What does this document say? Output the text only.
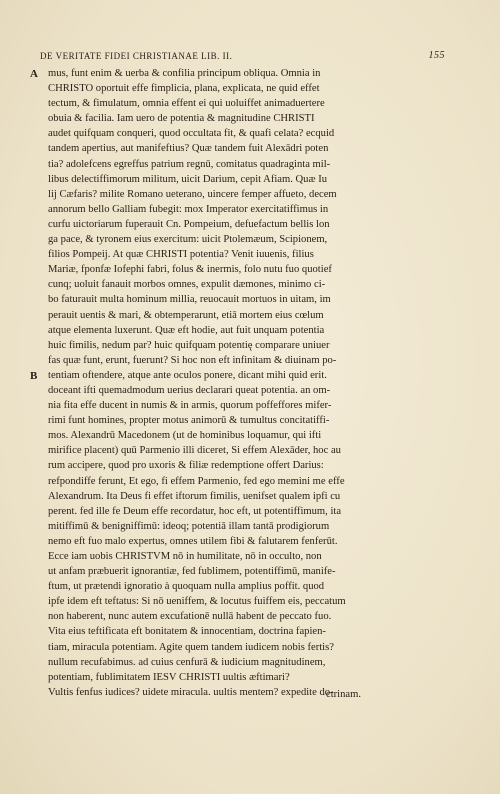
DE VERITATE FIDEI CHRISTIANAE LIB. II.	155
A
B
mus, funt enim & uerba & confilia principum obliqua. Omnia in
CHRISTO oportuit effe fimplicia, plana, explicata, ne quid effet
tectum, & fimulatum, omnia effent ei qui uoluiffet animaduertere
obuia & facilia. Iam uero de potentia & magnitudine CHRISTI
audet quifquam conqueri, quod occultata fit, & quafi celata? ecquid
tandem apertius, aut manifeftius? Quæ tandem fuit Alexādri poten
tia? adolefcens egreffus patrium regnū, comitatus quadraginta mil-
libus delectiffimorum militum, uicit Darium, cepit Afiam. Quæ Iu
lij Cæfaris? milite Romano ueterano, uincere femper affueto, decem
annorum bello Galliam fubegit: mox Imperator exercitatiffimus in
curfu uictoriarum fuperauit Cn. Pompeium, defuefactum bellis lon
ga pace, & tyronem eius exercitum: uicit Ptolemæum, Scipionem,
filios Pompeij. At quæ CHRISTI potentia? Venit iuuenis, filius
Mariæ, fponfæ Iofephi fabri, folus & inermis, folo nutu fuo quotief
cunq; uoluit fanauit morbos omnes, expulit dæmones, minimo ci-
bo faturauit multa hominum millia, reuocauit mortuos in uitam, im
perauit uentis & mari, & obtemperarunt, etiā mortem eius cœlum
atque elementa luxerunt. Quæ eft hodie, aut fuit unquam potentia
huic fimilis, nedum par? huic quifquam potentię comparare uniuer
fas quæ funt, erunt, fuerunt? Si hoc non eft infinitam & diuinam po-
tentiam oftendere, atque ante oculos ponere, dicant mihi quid erit.
doceant ifti quemadmodum uerius declarari queat potentia. an om-
nia fita effe ducent in numis & in armis, quorum poffeffores mifer-
rimi funt homines, propter motus animorū & tumultus concitatiffi-
mos. Alexandrū Macedonem (ut de hominibus loquamur, qui ifti
mirifice placent) quū Parmenio illi diceret, Si effem Alexāder, hoc au
rum accipere, quod pro uxoris & filiæ redemptione offert Darius:
refpondiffe ferunt, Et ego, fi effem Parmenio, fed ego memini me effe
Alexandrum. Ita Deus fi effet iftorum fimilis, uenifset qualem ipfi cu
perent. fed ille fe Deum effe recordatur, hoc eft, ut potentiffimum, ita
mitiffimū & benigniffimū: ideoq; potentiā illam tantā prodigiorum
nemo eft fuo malo expertus, omnes utilem fibi & falutarem fenferūt.
Ecce iam uobis CHRISTVM nō in humilitate, nō in occulto, non
ut anfam præbuerit ignorantiæ, fed fublimem, potentiffimū, manife-
ftum, ut prætendi ignoratio à quoquam nulla amplius poffit. quod
ipfe idem eft teftatus: Si nō ueniffem, & locutus fuiffem eis, peccatum
non haberent, nunc autem excufationē nullā habent de peccato fuo.
Vita eius teftificata eft bonitatem & innocentiam, doctrina fapien-
tiam, miracula potentiam. Agite quem tandem iudicem nobis fertis?
nullum recufabimus. ad cuius cenfurā & iudicium magnitudinem,
potentiam, fublimitatem IESV CHRISTI uultis æftimari?
Vultis fenfus iudices? uidete miracula. uultis mentem? expedite do-
ctrinam.
